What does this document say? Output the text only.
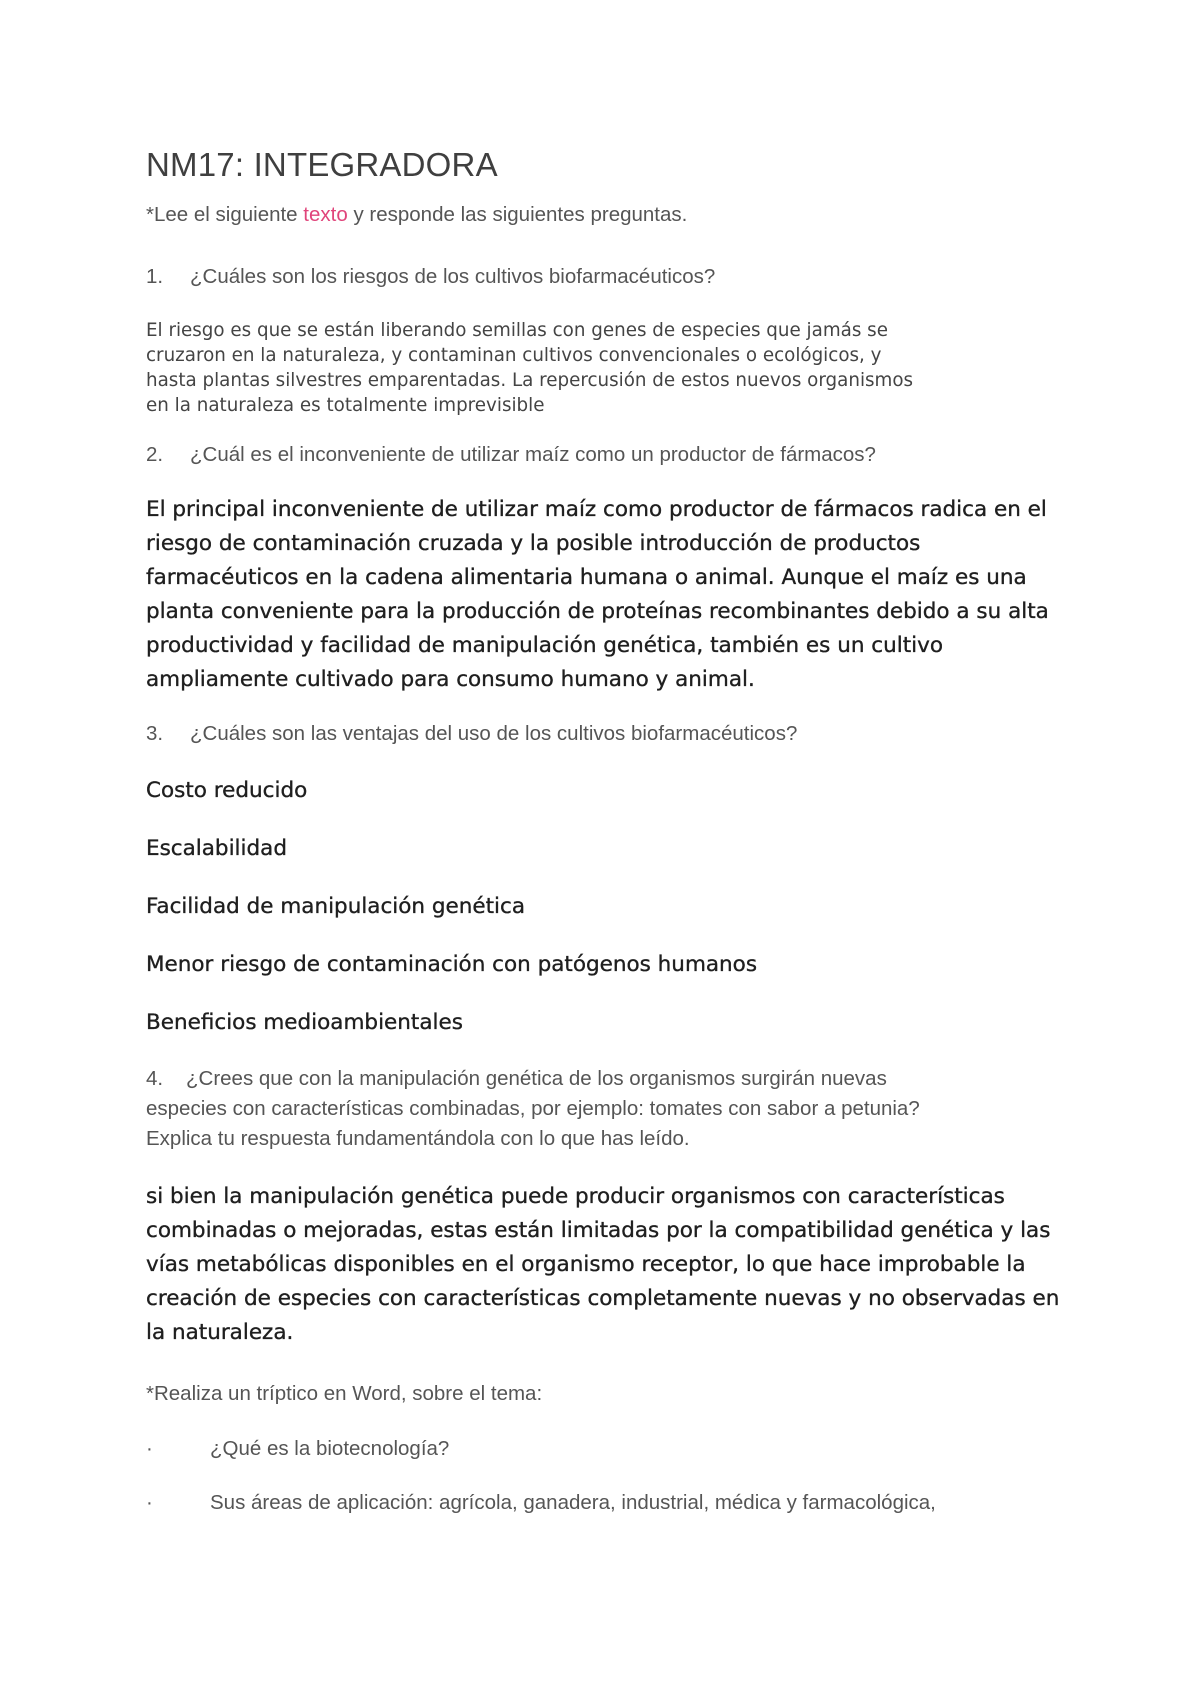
NM17: INTEGRADORA
*Lee el siguiente texto y responde las siguientes preguntas.
1. ¿Cuáles son los riesgos de los cultivos biofarmacéuticos?
El riesgo es que se están liberando semillas con genes de especies que jamás se
cruzaron en la naturaleza, y contaminan cultivos convencionales o ecológicos, y
hasta plantas silvestres emparentadas. La repercusión de estos nuevos organismos
en la naturaleza es totalmente imprevisible
2. ¿Cuál es el inconveniente de utilizar maíz como un productor de fármacos?
El principal inconveniente de utilizar maíz como productor de fármacos radica en el
riesgo de contaminación cruzada y la posible introducción de productos
farmacéuticos en la cadena alimentaria humana o animal. Aunque el maíz es una
planta conveniente para la producción de proteínas recombinantes debido a su alta
productividad y facilidad de manipulación genética, también es un cultivo
ampliamente cultivado para consumo humano y animal.
3. ¿Cuáles son las ventajas del uso de los cultivos biofarmacéuticos?
Costo reducido
Escalabilidad
Facilidad de manipulación genética
Menor riesgo de contaminación con patógenos humanos
Beneficios medioambientales
4. ¿Crees que con la manipulación genética de los organismos surgirán nuevas
especies con características combinadas, por ejemplo: tomates con sabor a petunia?
Explica tu respuesta fundamentándola con lo que has leído.
si bien la manipulación genética puede producir organismos con características
combinadas o mejoradas, estas están limitadas por la compatibilidad genética y las
vías metabólicas disponibles en el organismo receptor, lo que hace improbable la
creación de especies con características completamente nuevas y no observadas en
la naturaleza.
*Realiza un tríptico en Word, sobre el tema:
·	¿Qué es la biotecnología?
·	Sus áreas de aplicación: agrícola, ganadera, industrial, médica y farmacológica,
